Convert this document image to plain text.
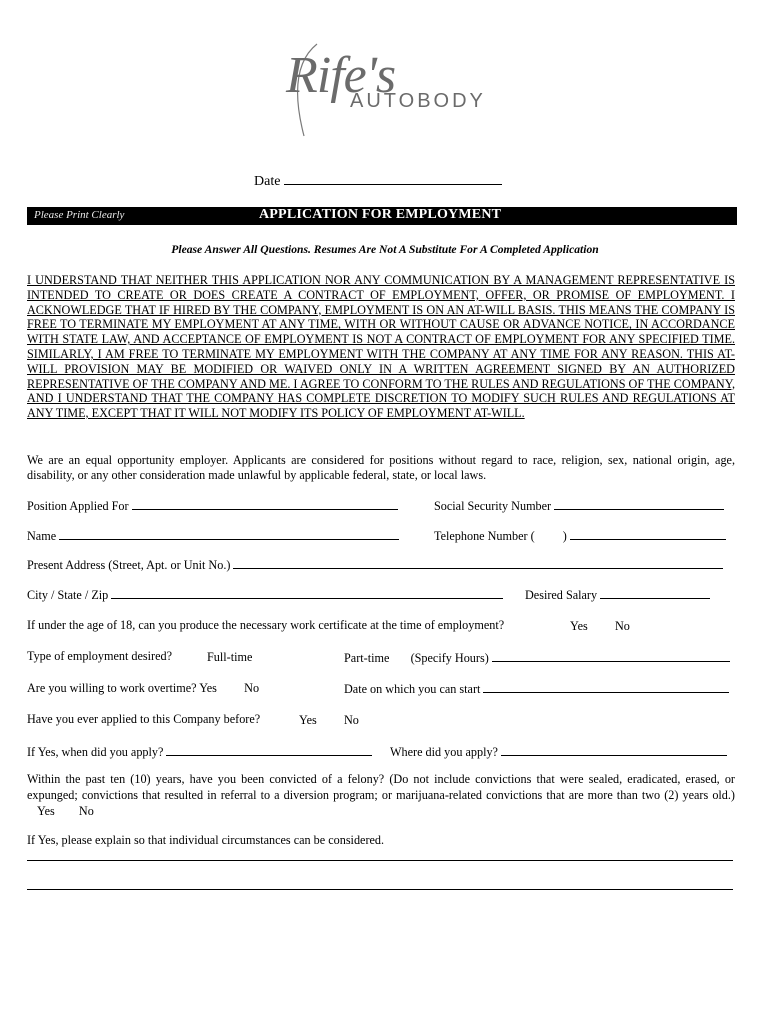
Rife's
AUTOBODY
Date
Please Print Clearly	APPLICATION FOR EMPLOYMENT
Please Answer All Questions. Resumes Are Not A Substitute For A Completed Application
I UNDERSTAND THAT NEITHER THIS APPLICATION NOR ANY COMMUNICATION BY A MANAGEMENT REPRESENTATIVE IS INTENDED TO CREATE OR DOES CREATE A CONTRACT OF EMPLOYMENT, OFFER, OR PROMISE OF EMPLOYMENT. I ACKNOWLEDGE THAT IF HIRED BY THE COMPANY, EMPLOYMENT IS ON AN AT-WILL BASIS. THIS MEANS THE COMPANY IS FREE TO TERMINATE MY EMPLOYMENT AT ANY TIME, WITH OR WITHOUT CAUSE OR ADVANCE NOTICE, IN ACCORDANCE WITH STATE LAW, AND ACCEPTANCE OF EMPLOYMENT IS NOT A CONTRACT OF EMPLOYMENT FOR ANY SPECIFIED TIME. SIMILARLY, I AM FREE TO TERMINATE MY EMPLOYMENT WITH THE COMPANY AT ANY TIME FOR ANY REASON. THIS AT-WILL PROVISION MAY BE MODIFIED OR WAIVED ONLY IN A WRITTEN AGREEMENT SIGNED BY AN AUTHORIZED REPRESENTATIVE OF THE COMPANY AND ME. I AGREE TO CONFORM TO THE RULES AND REGULATIONS OF THE COMPANY, AND I UNDERSTAND THAT THE COMPANY HAS COMPLETE DISCRETION TO MODIFY SUCH RULES AND REGULATIONS AT ANY TIME, EXCEPT THAT IT WILL NOT MODIFY ITS POLICY OF EMPLOYMENT AT-WILL.
We are an equal opportunity employer. Applicants are considered for positions without regard to race, religion, sex, national origin, age, disability, or any other consideration made unlawful by applicable federal, state, or local laws.
Position Applied For	Social Security Number
Name	Telephone Number ( )
Present Address (Street, Apt. or Unit No.)
City / State / Zip	Desired Salary
If under the age of 18, can you produce the necessary work certificate at the time of employment?	Yes No
Type of employment desired?	Full-time	Part-time (Specify Hours)
Are you willing to work overtime? Yes No	Date on which you can start
Have you ever applied to this Company before?	Yes No
If Yes, when did you apply?	Where did you apply?
Within the past ten (10) years, have you been convicted of a felony? (Do not include convictions that were sealed, eradicated, erased, or expunged; convictions that resulted in referral to a diversion program; or marijuana-related convictions that are more than two (2) years old.) Yes No
If Yes, please explain so that individual circumstances can be considered.
